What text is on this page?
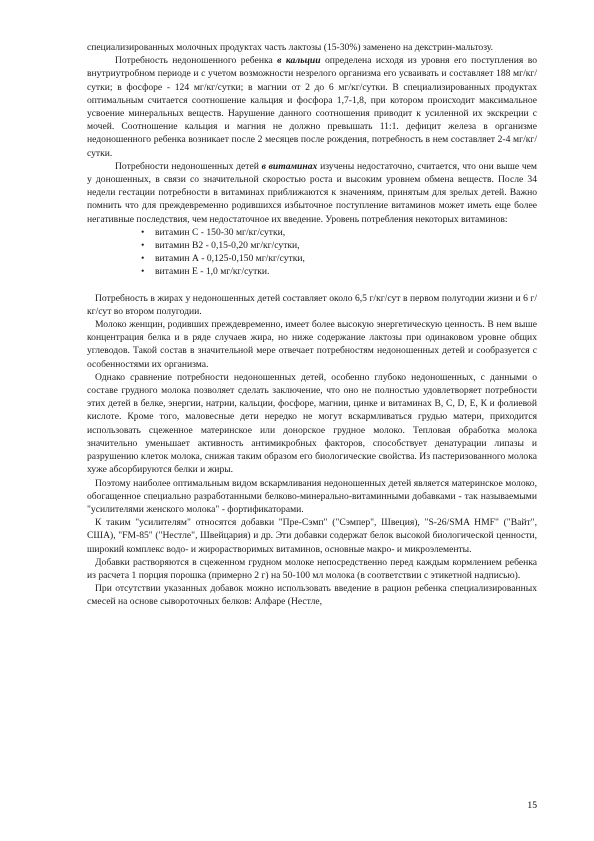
специализированных молочных продуктах часть лактозы (15-30%) заменено на декстрин-мальтозу.

Потребность недоношенного ребенка в кальции определена исходя из уровня его поступления во внутриутробном периоде и с учетом возможности незрелого организма его усваивать и составляет 188 мг/кг/сутки; в фосфоре - 124 мг/кг/сутки; в магнии от 2 до 6 мг/кг/сутки. В специализированных продуктах оптимальным считается соотношение кальция и фосфора 1,7-1,8, при котором происходит максимальное усвоение минеральных веществ. Нарушение данного соотношения приводит к усиленной их экскреции с мочей. Соотношение кальция и магния не должно превышать 11:1. дефицит железа в организме недоношенного ребенка возникает после 2 месяцев после рождения, потребность в нем составляет 2-4 мг/кг/сутки.

Потребности недоношенных детей в витаминах изучены недостаточно, считается, что они выше чем у доношенных, в связи со значительной скоростью роста и высоким уровнем обмена веществ. После 34 недели гестации потребности в витаминах приближаются к значениям, принятым для зрелых детей. Важно помнить что для преждевременно родившихся избыточное поступление витаминов может иметь еще более негативные последствия, чем недостаточное их введение. Уровень потребления некоторых витаминов:

• витамин С - 150-30 мг/кг/сутки,
• витамин В2 - 0,15-0,20 мг/кг/сутки,
• витамин А - 0,125-0,150 мг/кг/сутки,
• витамин Е - 1,0 мг/кг/сутки.

Потребность в жирах у недоношенных детей составляет около 6,5 г/кг/сут в первом полугодии жизни и 6 г/кг/сут во втором полугодии.

Молоко женщин, родивших преждевременно, имеет более высокую энергетическую ценность. В нем выше концентрация белка и в ряде случаев жира, но ниже содержание лактозы при одинаковом уровне общих углеводов. Такой состав в значительной мере отвечает потребностям недоношенных детей и сообразуется с особенностями их организма.

Однако сравнение потребности недоношенных детей, особенно глубоко недоношенных, с данными о составе грудного молока позволяет сделать заключение, что оно не полностью удовлетворяет потребности этих детей в белке, энергии, натрии, кальции, фосфоре, магнии, цинке и витаминах В, С, D, Е, К и фолиевой кислоте. Кроме того, маловесные дети нередко не могут вскармливаться грудью матери, приходится использовать сцеженное материнское или донорское грудное молоко. Тепловая обработка молока значительно уменьшает активность антимикробных факторов, способствует денатурации липазы и разрушению клеток молока, снижая таким образом его биологические свойства. Из пастеризованного молока хуже абсорбируются белки и жиры.

Поэтому наиболее оптимальным видом вскармливания недоношенных детей является материнское молоко, обогащенное специально разработанными белково-минерально-витаминными добавками - так называемыми "усилителями женского молока" - фортификаторами.

К таким "усилителям" относятся добавки "Пре-Сэмп" ("Сэмпер", Швеция), "S-26/SMA HMF" ("Вайт", США), "FM-85" ("Нестле", Швейцария) и др. Эти добавки содержат белок высокой биологической ценности, широкий комплекс водо- и жирорастворимых витаминов, основные макро- и микроэлементы.

Добавки растворяются в сцеженном грудном молоке непосредственно перед каждым кормлением ребенка из расчета 1 порция порошка (примерно 2 г) на 50-100 мл молока (в соответствии с этикетной надписью).

При отсутствии указанных добавок можно использовать введение в рацион ребенка специализированных смесей на основе сывороточных белков: Алфаре (Нестле,

15
